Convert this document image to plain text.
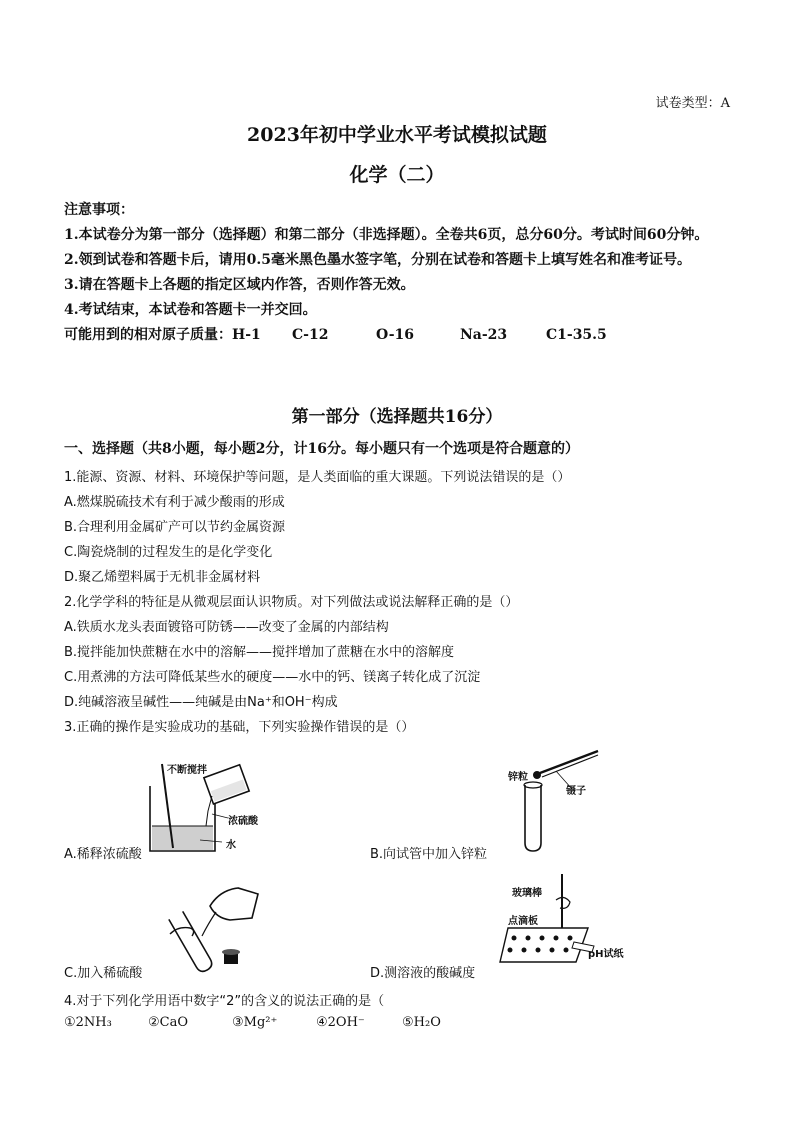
试卷类型：A
2023年初中学业水平考试模拟试题
化学（二）

注意事项：

1.本试卷分为第一部分（选择题）和第二部分（非选择题）。全卷共6页，总分60分。考试时间60分钟。

2.领到试卷和答题卡后，请用0.5毫米黑色墨水签字笔，分别在试卷和答题卡上填写姓名和准考证号。

3.请在答题卡上各题的指定区域内作答，否则作答无效。

4.考试结束，本试卷和答题卡一并交回。

可能用到的相对原子质量： H-1	C-12	O-16	Na-23	C1-35.5

第一部分（选择题共16分）
一、选择题（共8小题，每小题2分，计16分。每小题只有一个选项是符合题意的）
1.能源、资源、材料、环境保护等问题，是人类面临的重大课题。下列说法错误的是（）
A.燃煤脱硫技术有利于减少酸雨的形成
B.合理利用金属矿产可以节约金属资源
C.陶瓷烧制的过程发生的是化学变化
D.聚乙烯塑料属于无机非金属材料
2.化学学科的特征是从微观层面认识物质。对下列做法或说法解释正确的是（）
A.铁质水龙头表面镀铬可防锈——改变了金属的内部结构
B.搅拌能加快蔗糖在水中的溶解——搅拌增加了蔗糖在水中的溶解度
C.用煮沸的方法可降低某些水的硬度——水中的钙、镁离子转化成了沉淀
D.纯碱溶液呈碱性——纯碱是由Na⁺和OH⁻构成
3.正确的操作是实验成功的基础，下列实验操作错误的是（）
不断搅拌
浓硫酸
水
A.稀释浓硫酸
锌粒
镊子
B.向试管中加入锌粒
C.加入稀硫酸
玻璃棒
点滴板
pH试纸
D.测溶液的酸碱度
4.对于下列化学用语中数字“2”的含义的说法正确的是（
①2NH₃	②CaO	③Mg²⁺	④2OH⁻	⑤H₂O
